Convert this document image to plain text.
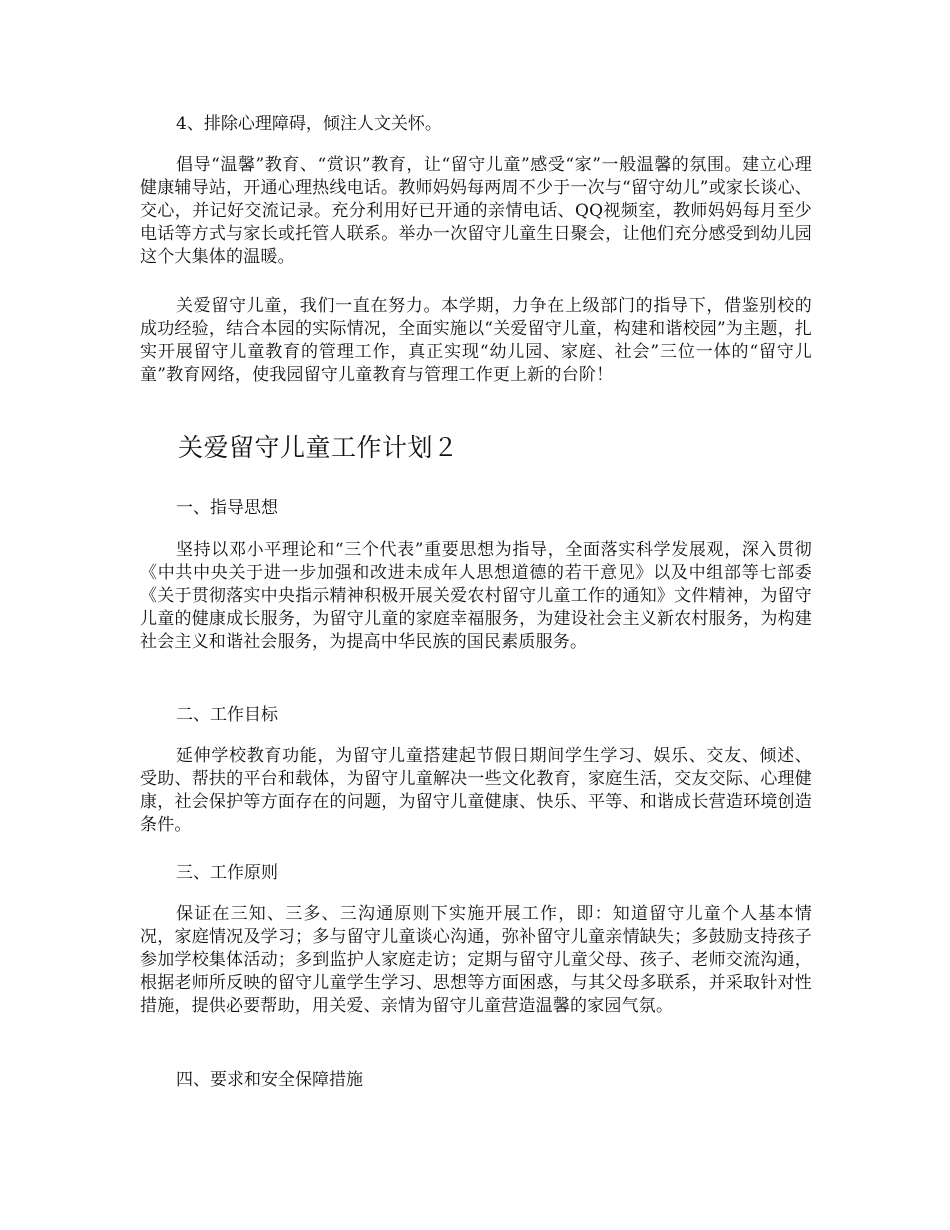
4、排除心理障碍，倾注人文关怀。

倡导“温馨”教育、“赏识”教育，让“留守儿童”感受“家”一般温馨的氛围。建立心理健康辅导站，开通心理热线电话。教师妈妈每两周不少于一次与“留守幼儿”或家长谈心、交心，并记好交流记录。充分利用好已开通的亲情电话、QQ视频室，教师妈妈每月至少电话等方式与家长或托管人联系。举办一次留守儿童生日聚会，让他们充分感受到幼儿园这个大集体的温暖。

关爱留守儿童，我们一直在努力。本学期，力争在上级部门的指导下，借鉴别校的成功经验，结合本园的实际情况，全面实施以“关爱留守儿童，构建和谐校园”为主题，扎实开展留守儿童教育的管理工作，真正实现“幼儿园、家庭、社会”三位一体的“留守儿童”教育网络，使我园留守儿童教育与管理工作更上新的台阶！

关爱留守儿童工作计划２

一、指导思想

坚持以邓小平理论和“三个代表”重要思想为指导，全面落实科学发展观，深入贯彻《中共中央关于进一步加强和改进未成年人思想道德的若干意见》以及中组部等七部委《关于贯彻落实中央指示精神积极开展关爱农村留守儿童工作的通知》文件精神，为留守儿童的健康成长服务，为留守儿童的家庭幸福服务，为建设社会主义新农村服务，为构建社会主义和谐社会服务，为提高中华民族的国民素质服务。

二、工作目标

延伸学校教育功能，为留守儿童搭建起节假日期间学生学习、娱乐、交友、倾述、受助、帮扶的平台和载体，为留守儿童解决一些文化教育，家庭生活，交友交际、心理健康，社会保护等方面存在的问题，为留守儿童健康、快乐、平等、和谐成长营造环境创造条件。

三、工作原则

保证在三知、三多、三沟通原则下实施开展工作，即：知道留守儿童个人基本情况，家庭情况及学习；多与留守儿童谈心沟通，弥补留守儿童亲情缺失；多鼓励支持孩子参加学校集体活动；多到监护人家庭走访；定期与留守儿童父母、孩子、老师交流沟通，根据老师所反映的留守儿童学生学习、思想等方面困惑，与其父母多联系，并采取针对性措施，提供必要帮助，用关爱、亲情为留守儿童营造温馨的家园气氛。

四、要求和安全保障措施
